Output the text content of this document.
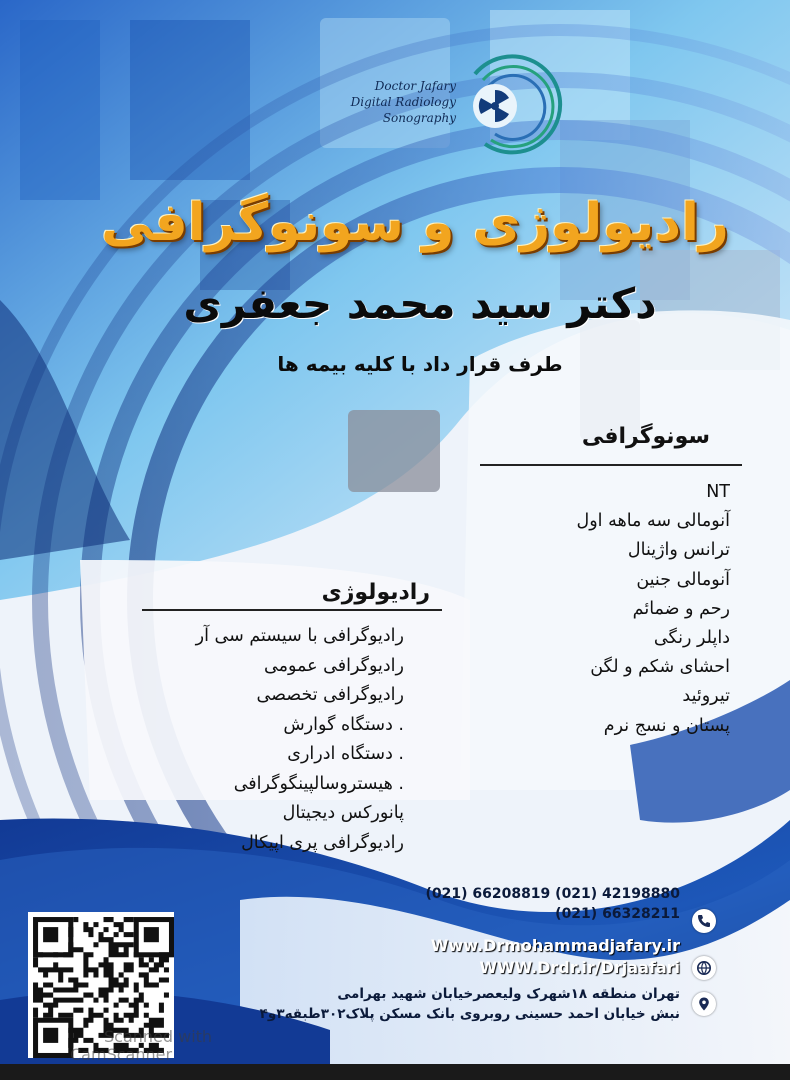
Doctor Jafary
Digital Radiology
Sonography
رادیولوژی و سونوگرافی
دکتر سید محمد جعفری
طرف قرار داد با کلیه بیمه ها
سونوگرافی
NT
آنومالی سه ماهه اول
ترانس واژینال
آنومالی جنین
رحم و ضمائم
داپلر رنگی
احشای شکم و لگن
تیروئید
پستان و نسج نرم
رادیولوژی
رادیوگرافی با سیستم سی آر
رادیوگرافی عمومی
رادیوگرافی تخصصی
. دستگاه گوارش
. دستگاه ادراری
. هیستروسالپینگوگرافی
پانورکس دیجیتال
رادیوگرافی پری اپیکال
(021) 66208819 (021) 42198880
(021) 66328211
Www.Drmohammadjafary.ir
WWW.Drdr.ir/Drjaafari
تهران منطقه ۱۸شهرک ولیعصرخیابان شهید بهرامی
نبش خیابان احمد حسینی روبروی بانک مسکن پلاک۳۰۲طبقه۳و۴
Scanned with
CamScanner
